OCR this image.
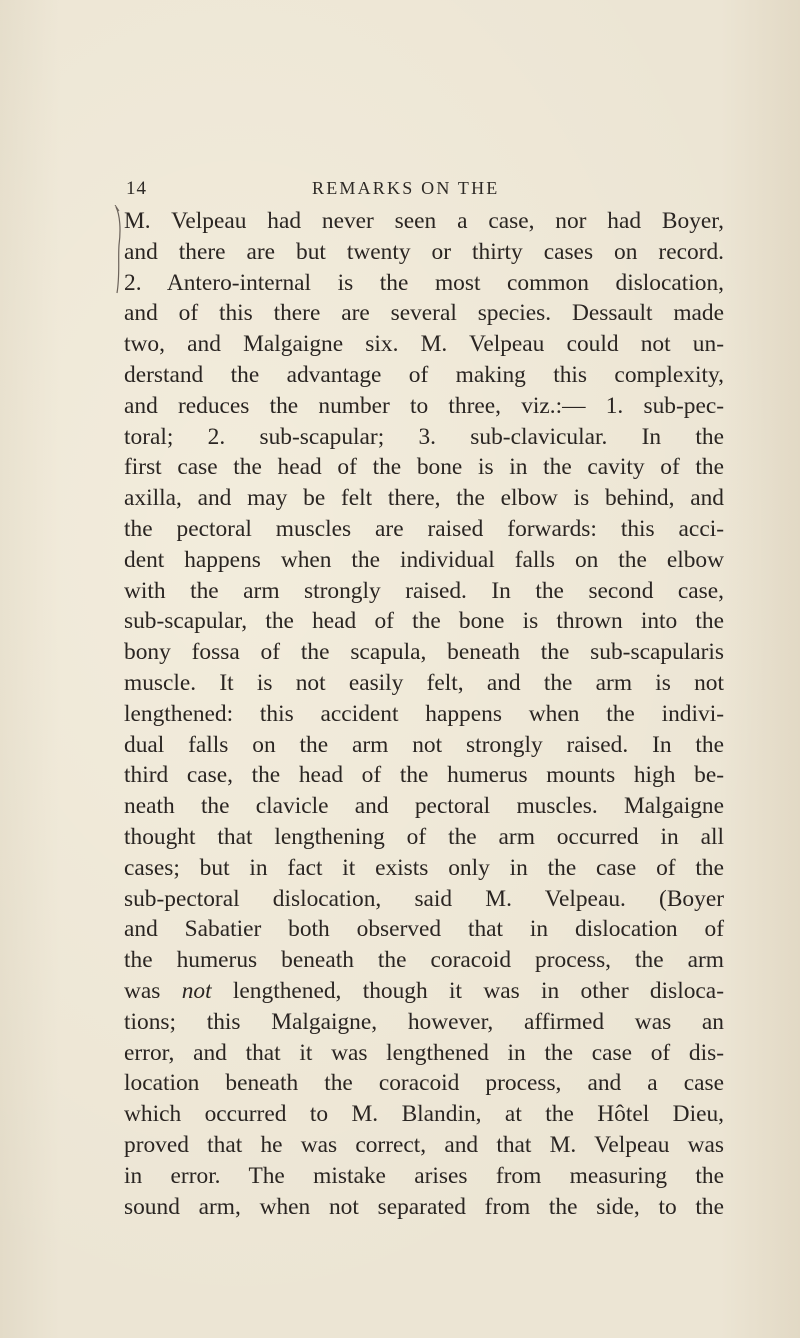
14	REMARKS ON THE
M. Velpeau had never seen a case, nor had Boyer,
and there are but twenty or thirty cases on record.
2. Antero-internal is the most common dislocation,
and of this there are several species. Dessault made
two, and Malgaigne six. M. Velpeau could not un-
derstand the advantage of making this complexity,
and reduces the number to three, viz.:— 1. sub-pec-
toral; 2. sub-scapular; 3. sub-clavicular. In the
first case the head of the bone is in the cavity of the
axilla, and may be felt there, the elbow is behind, and
the pectoral muscles are raised forwards: this acci-
dent happens when the individual falls on the elbow
with the arm strongly raised. In the second case,
sub-scapular, the head of the bone is thrown into the
bony fossa of the scapula, beneath the sub-scapularis
muscle. It is not easily felt, and the arm is not
lengthened: this accident happens when the indivi-
dual falls on the arm not strongly raised. In the
third case, the head of the humerus mounts high be-
neath the clavicle and pectoral muscles. Malgaigne
thought that lengthening of the arm occurred in all
cases; but in fact it exists only in the case of the
sub-pectoral dislocation, said M. Velpeau. (Boyer
and Sabatier both observed that in dislocation of
the humerus beneath the coracoid process, the arm
was not lengthened, though it was in other disloca-
tions; this Malgaigne, however, affirmed was an
error, and that it was lengthened in the case of dis-
location beneath the coracoid process, and a case
which occurred to M. Blandin, at the Hôtel Dieu,
proved that he was correct, and that M. Velpeau was
in error. The mistake arises from measuring the
sound arm, when not separated from the side, to the
